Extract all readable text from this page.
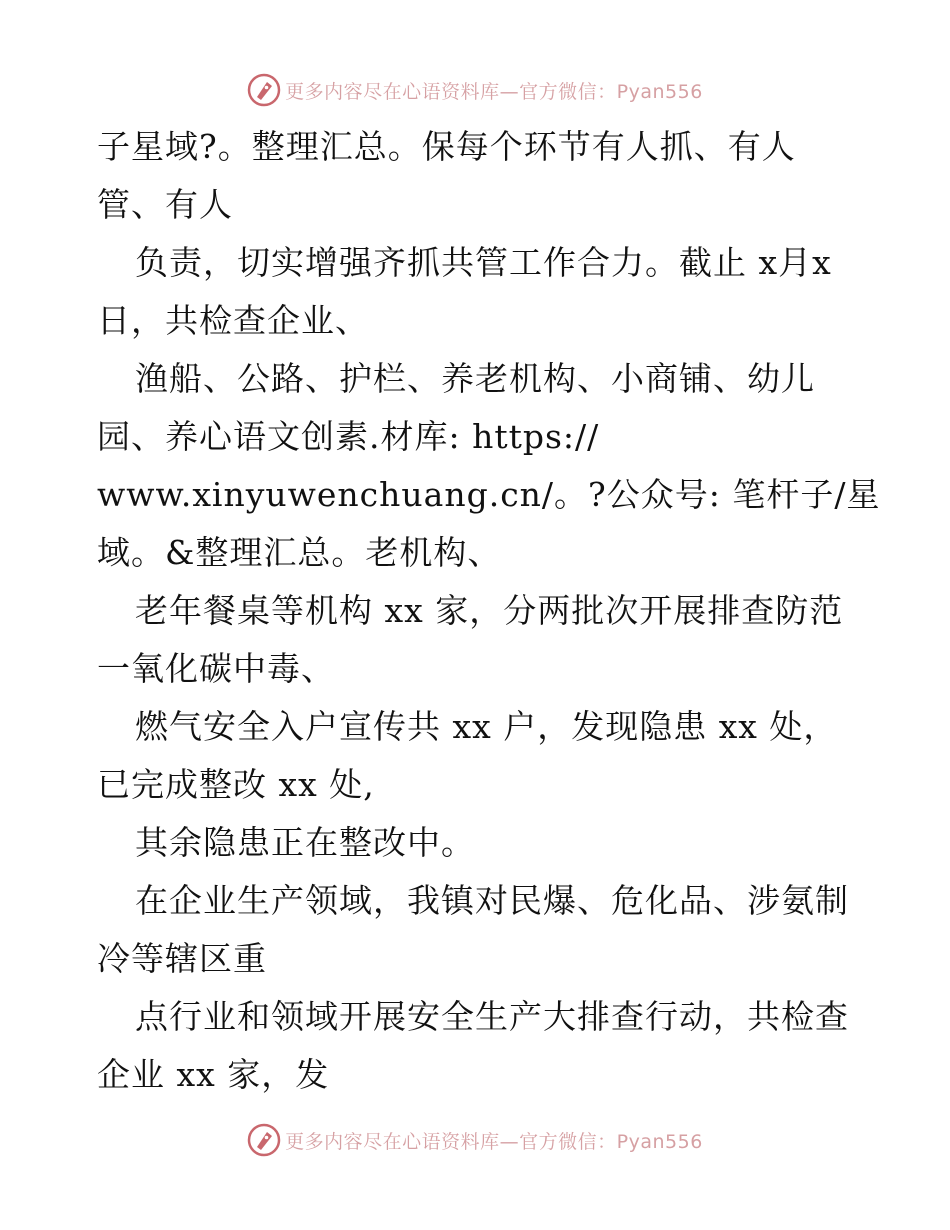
更多内容尽在心语资料库—官方微信：Pyan556
子星域?。整理汇总。保每个环节有人抓、有人
管、有人
负责，切实增强齐抓共管工作合力。截止 x月x
日，共检查企业、
渔船、公路、护栏、养老机构、小商铺、幼儿
园、养心语文创素.材库: https://
www.xinyuwenchuang.cn/。?公众号: 笔杆子/星
域。&整理汇总。老机构、
老年餐桌等机构 xx 家，分两批次开展排查防范
一氧化碳中毒、
燃气安全入户宣传共 xx 户，发现隐患 xx 处，
已完成整改 xx 处,
其余隐患正在整改中。
在企业生产领域，我镇对民爆、危化品、涉氨制
冷等辖区重
点行业和领域开展安全生产大排查行动，共检查
企业 xx 家，发
更多内容尽在心语资料库—官方微信：Pyan556
